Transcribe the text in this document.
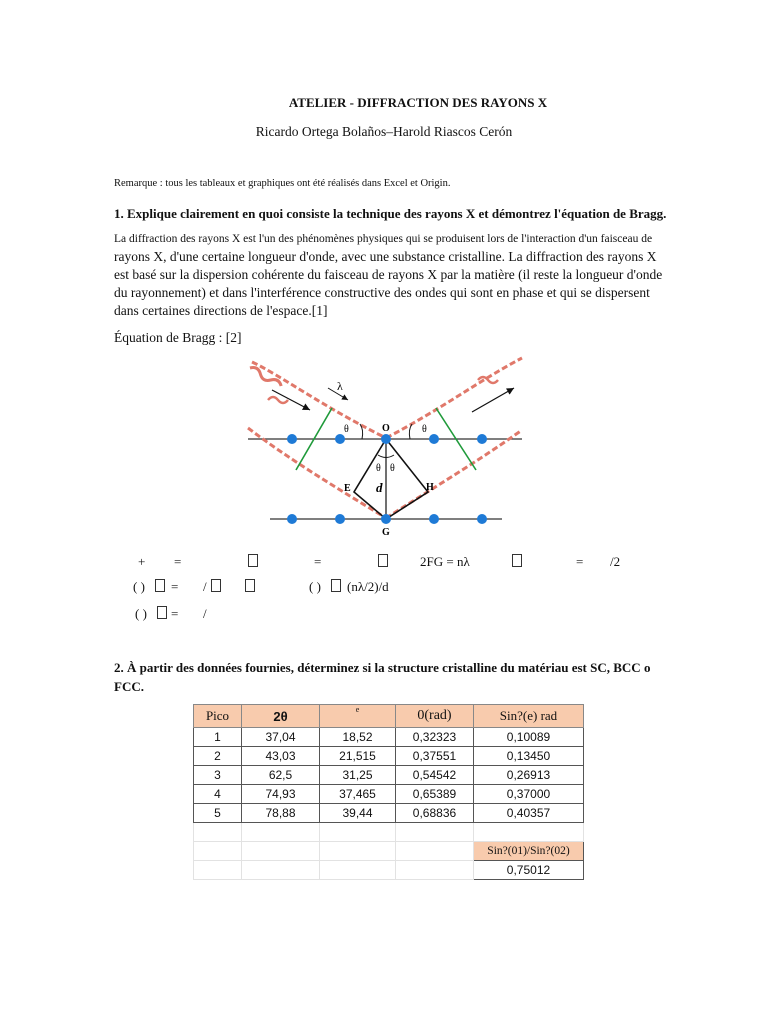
ATELIER - DIFFRACTION DES RAYONS X
Ricardo Ortega Bolaños–Harold Riascos Cerón
Remarque : tous les tableaux et graphiques ont été réalisés dans Excel et Origin.
1. Explique clairement en quoi consiste la technique des rayons X et démontrez l'équation de Bragg.
La diffraction des rayons X est l'un des phénomènes physiques qui se produisent lors de l'interaction d'un faisceau de
rayons X, d'une certaine longueur d'onde, avec une substance cristalline. La diffraction des rayons X est basé sur la dispersion cohérente du faisceau de rayons X par la matière (il reste la longueur d'onde du rayonnement) et dans l'interférence constructive des ondes qui sont en phase et qui se dispersent dans certaines directions de l'espace.[1]
Équation de Bragg : [2]
λ
θ	θ
θ θ
O
E	H
G
d
+ =	=	2FG = nλ	= /2
( ) = /	( ) (nλ/2)/d
( ) = /
2. À partir des données fournies, déterminez si la structure cristalline du matériau est SC, BCC o FCC.
Pico	2θ	e	0(rad)	Sin?(e) rad
1	37,04	18,52	0,32323	0,10089
2	43,03	21,515	0,37551	0,13450
3	62,5	31,25	0,54542	0,26913
4	74,93	37,465	0,65389	0,37000
5	78,88	39,44	0,68836	0,40357

				Sin?(01)/Sin?(02)
				0,75012
